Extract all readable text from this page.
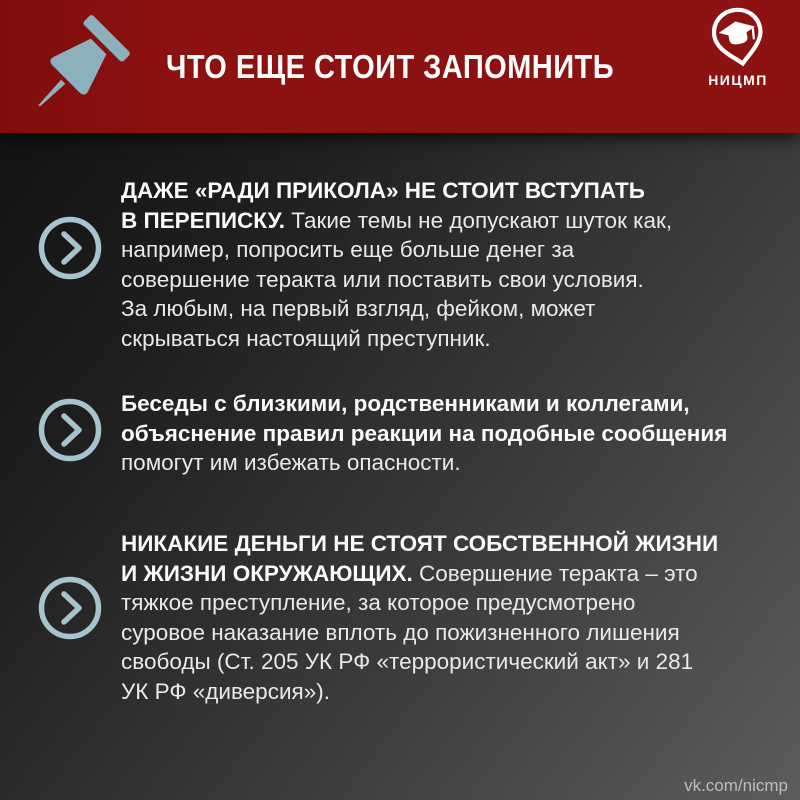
ЧТО ЕЩЕ СТОИТ ЗАПОМНИТЬ	НИЦМП
ДАЖЕ «РАДИ ПРИКОЛА» НЕ СТОИТ ВСТУПАТЬ
В ПЕРЕПИСКУ. Такие темы не допускают шуток как,
например, попросить еще больше денег за
совершение теракта или поставить свои условия.
За любым, на первый взгляд, фейком, может
скрываться настоящий преступник.
Беседы с близкими, родственниками и коллегами,
объяснение правил реакции на подобные сообщения
помогут им избежать опасности.
НИКАКИЕ ДЕНЬГИ НЕ СТОЯТ СОБСТВЕННОЙ ЖИЗНИ
И ЖИЗНИ ОКРУЖАЮЩИХ. Совершение теракта – это
тяжкое преступление, за которое предусмотрено
суровое наказание вплоть до пожизненного лишения
свободы (Ст. 205 УК РФ «террористический акт» и 281
УК РФ «диверсия»).
vk.com/nicmp
